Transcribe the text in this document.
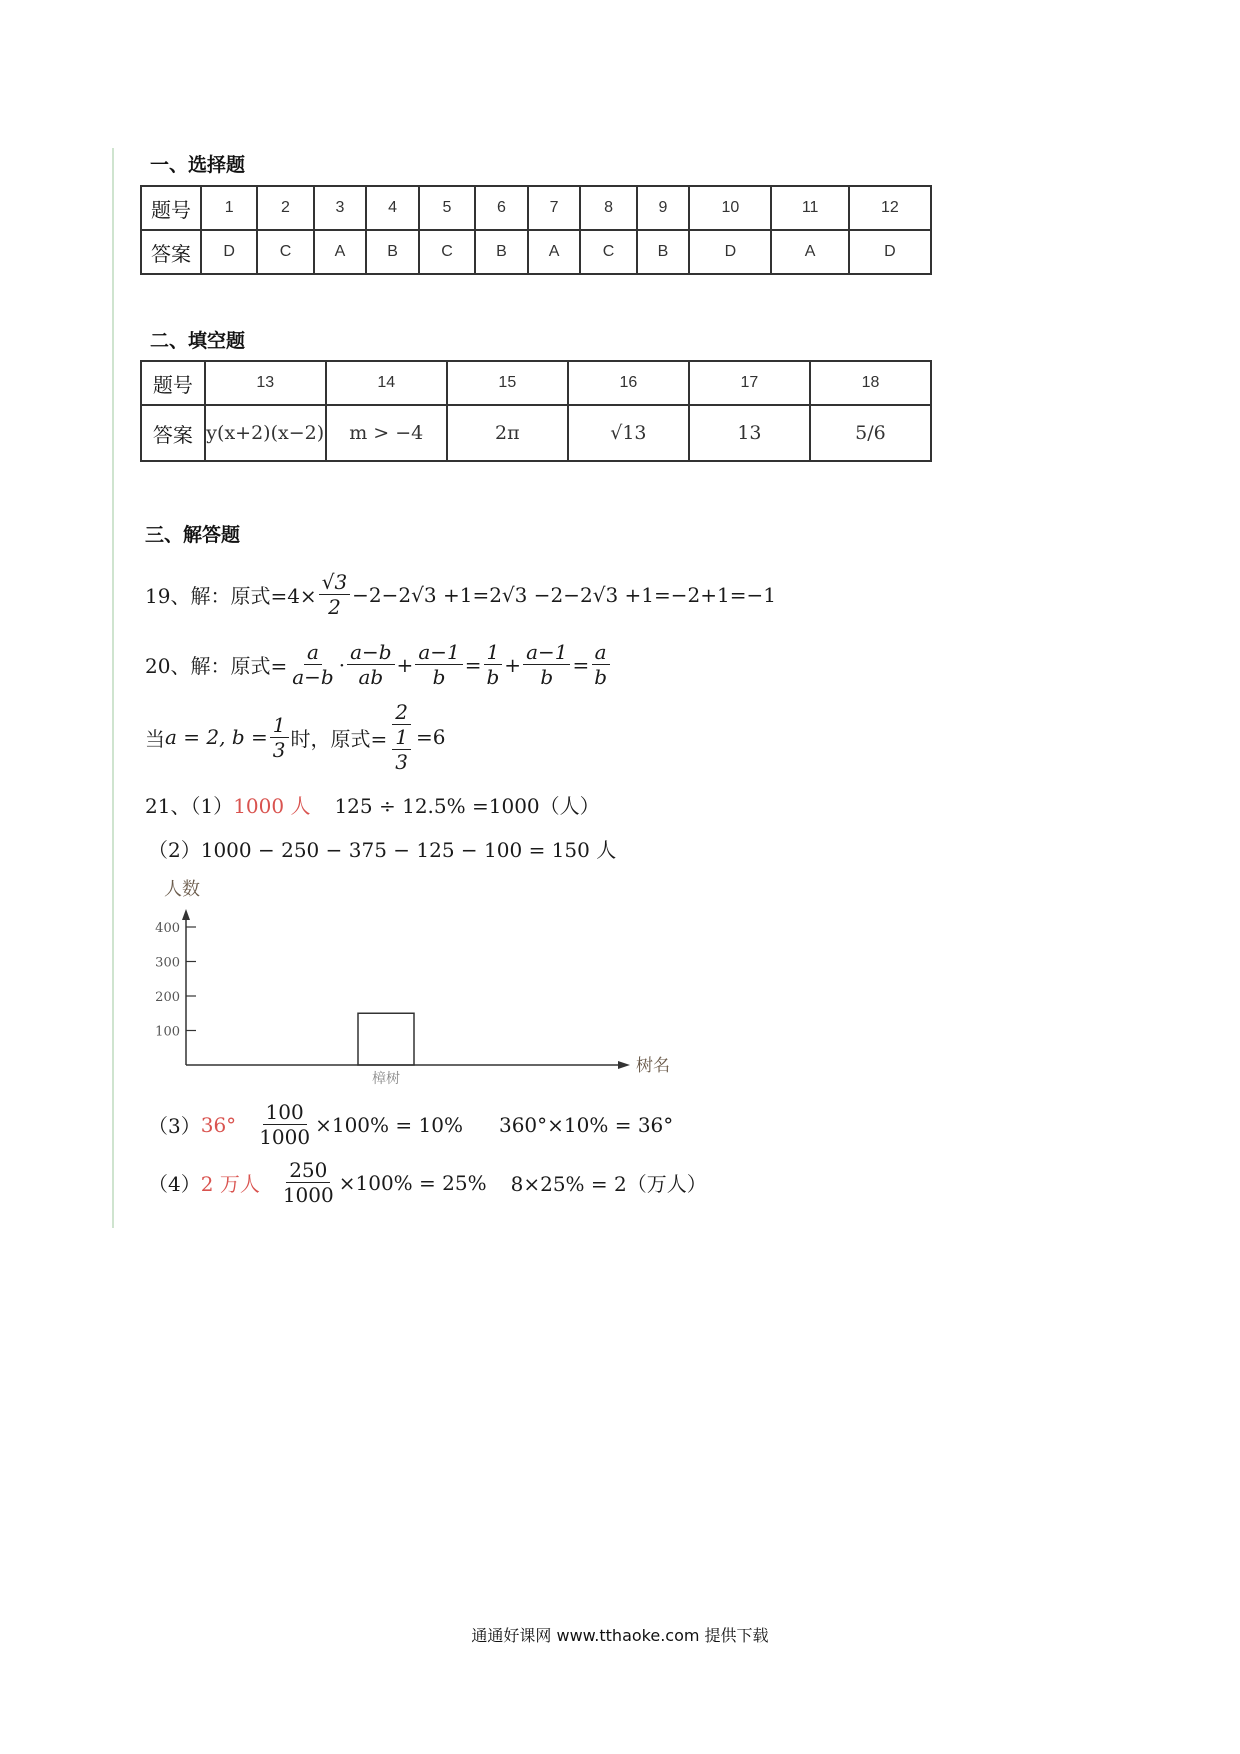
一、选择题
题号	1	2	3	4	5	6	7	8	9	10	11	12
答案	D	C	A	B	C	B	A	C	B	D	A	D
二、填空题
题号	13	14	15	16	17	18
答案	y(x+2)(x−2)	m > −4	2π	√13	13	5/6
三、解答题
19、解：原式$=4\times \frac{√3}{2} -2-2√3 +1=2√3 -2-2√3 +1=-2+1=-1$
20、解：原式= $\frac{a}{a-b} \cdot \frac{a-b}{ab} + \frac{a-1}{b} = \frac{1}{b} + \frac{a-1}{b} = \frac{a}{b}$
当 a = 2, $b = \frac{1}{3}$ 时，原式= $\frac{2}{\frac{1}{3}} =6$
21、（1） 1000 人 125 ÷ 12.5% =1000（人）
（2）1000 − 250 − 375 − 125 − 100 = 150 人
人数
树名
100
200
300
400
樟树
（3） $36^\circ \frac{100}{1000} \times 100\% = 10\%$ 360°×10% = 36°
（4） 2 万人 $\frac{250}{1000} \times 100\% = 25\%$ 8×25% = 2（万人）
通通好课网 www.tthaoke.com 提供下载
